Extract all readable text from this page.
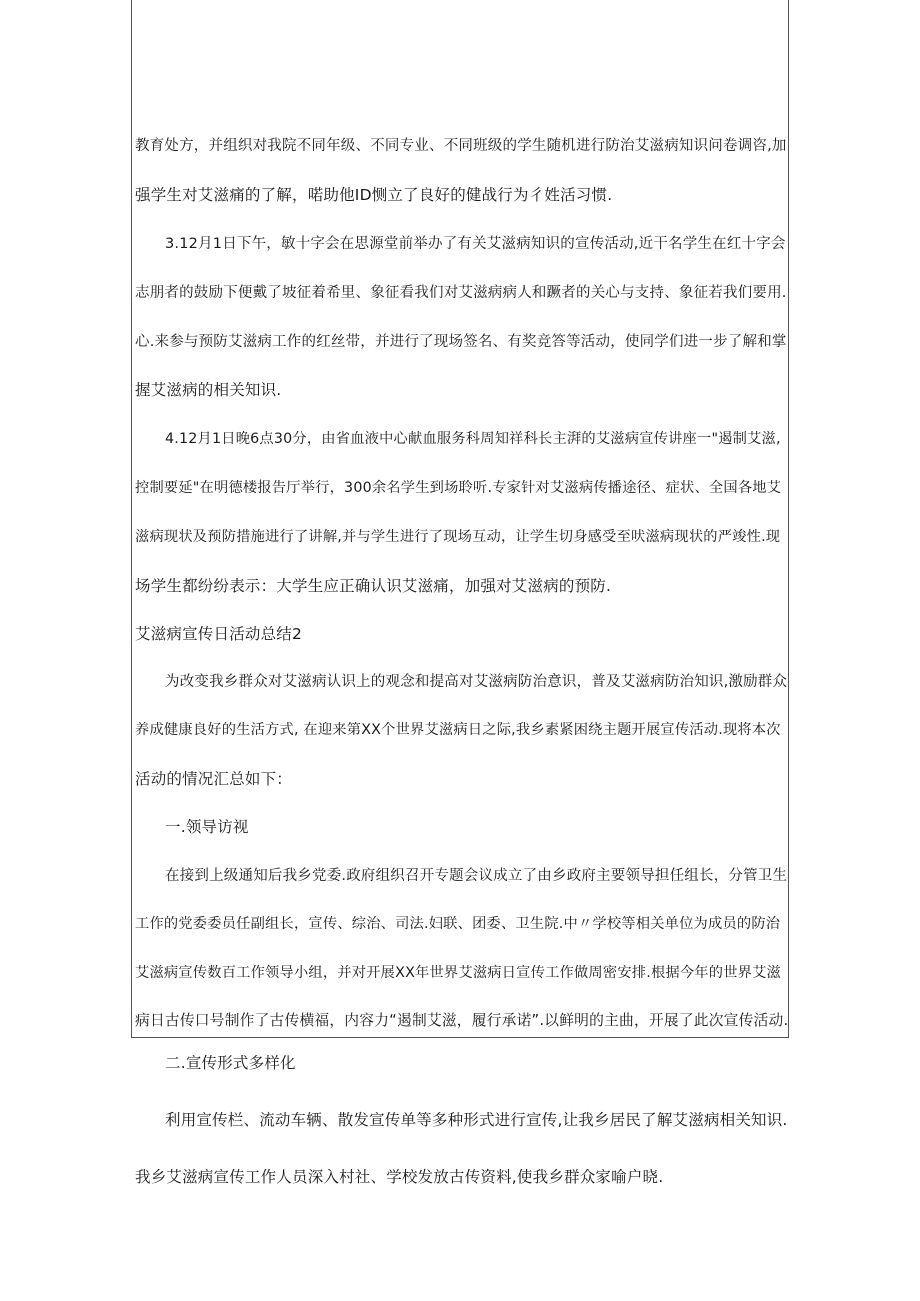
教育处方，并组织对我院不同年级、不同专业、不同班级的学生随机进行防治艾滋病知识问卷调咨,加
强学生对艾滋痛的了解，喏助他ID恻立了良好的健战行为彳姓活习惯.
3.12月1日下午，敏十字会在思源堂前举办了有关艾滋病知识的宣传活动,近干名学生在红十字会
志朋者的鼓励下便戴了坡征着希里、象征看我们对艾滋病病人和蹶者的关心与支持、象征若我们要用.
心.来参与预防艾滋病工作的红丝带，并进行了现场签名、有奖竞答等活动，使同学们进一步了解和掌
握艾滋病的相关知识.
4.12月1日晚6点30分，由省血液中心献血服务科周知祥科长主湃的艾滋病宣传讲座一"遏制艾滋,
控制要延"在明德楼报告厅举行，300余名学生到场聆听.专家针对艾滋病传播途径、症状、全国各地艾
滋病现状及预防措施进行了讲解,并与学生进行了现场互动，让学生切身感受至吠滋病现状的严竣性.现
场学生都纷纷表示：大学生应正确认识艾滋痛，加强对艾滋病的预防.
艾滋病宣传日活动总结2
为改变我乡群众对艾滋病认识上的观念和提高对艾滋病防治意识，普及艾滋病防治知识,激励群众
养成健康良好的生活方式, 在迎来第XX个世界艾滋病日之际,我乡素紧困绕主题开展宣传活动.现将本次
活动的情况汇总如下：
一.领导访视
在接到上级通知后我乡党委.政府组织召开专题会议成立了由乡政府主要领导担任组长，分管卫生
工作的党委委员任副组长，宣传、综治、司法.妇联、团委、卫生院.中〃学校等相关单位为成员的防治
艾滋病宣传数百工作领导小组，并对开展XX年世界艾滋病日宣传工作做周密安排.根据今年的世界艾滋
病日古传口号制作了古传横福，内容力“遏制艾滋，履行承诺”.以鲜明的主曲，开展了此次宣传活动.
二.宣传形式多样化
利用宣传栏、流动车辆、散发宣传单等多种形式进行宣传,让我乡居民了解艾滋病相关知识.
我乡艾滋病宣传工作人员深入村社、学校发放古传资料,使我乡群众家喻户晓.
